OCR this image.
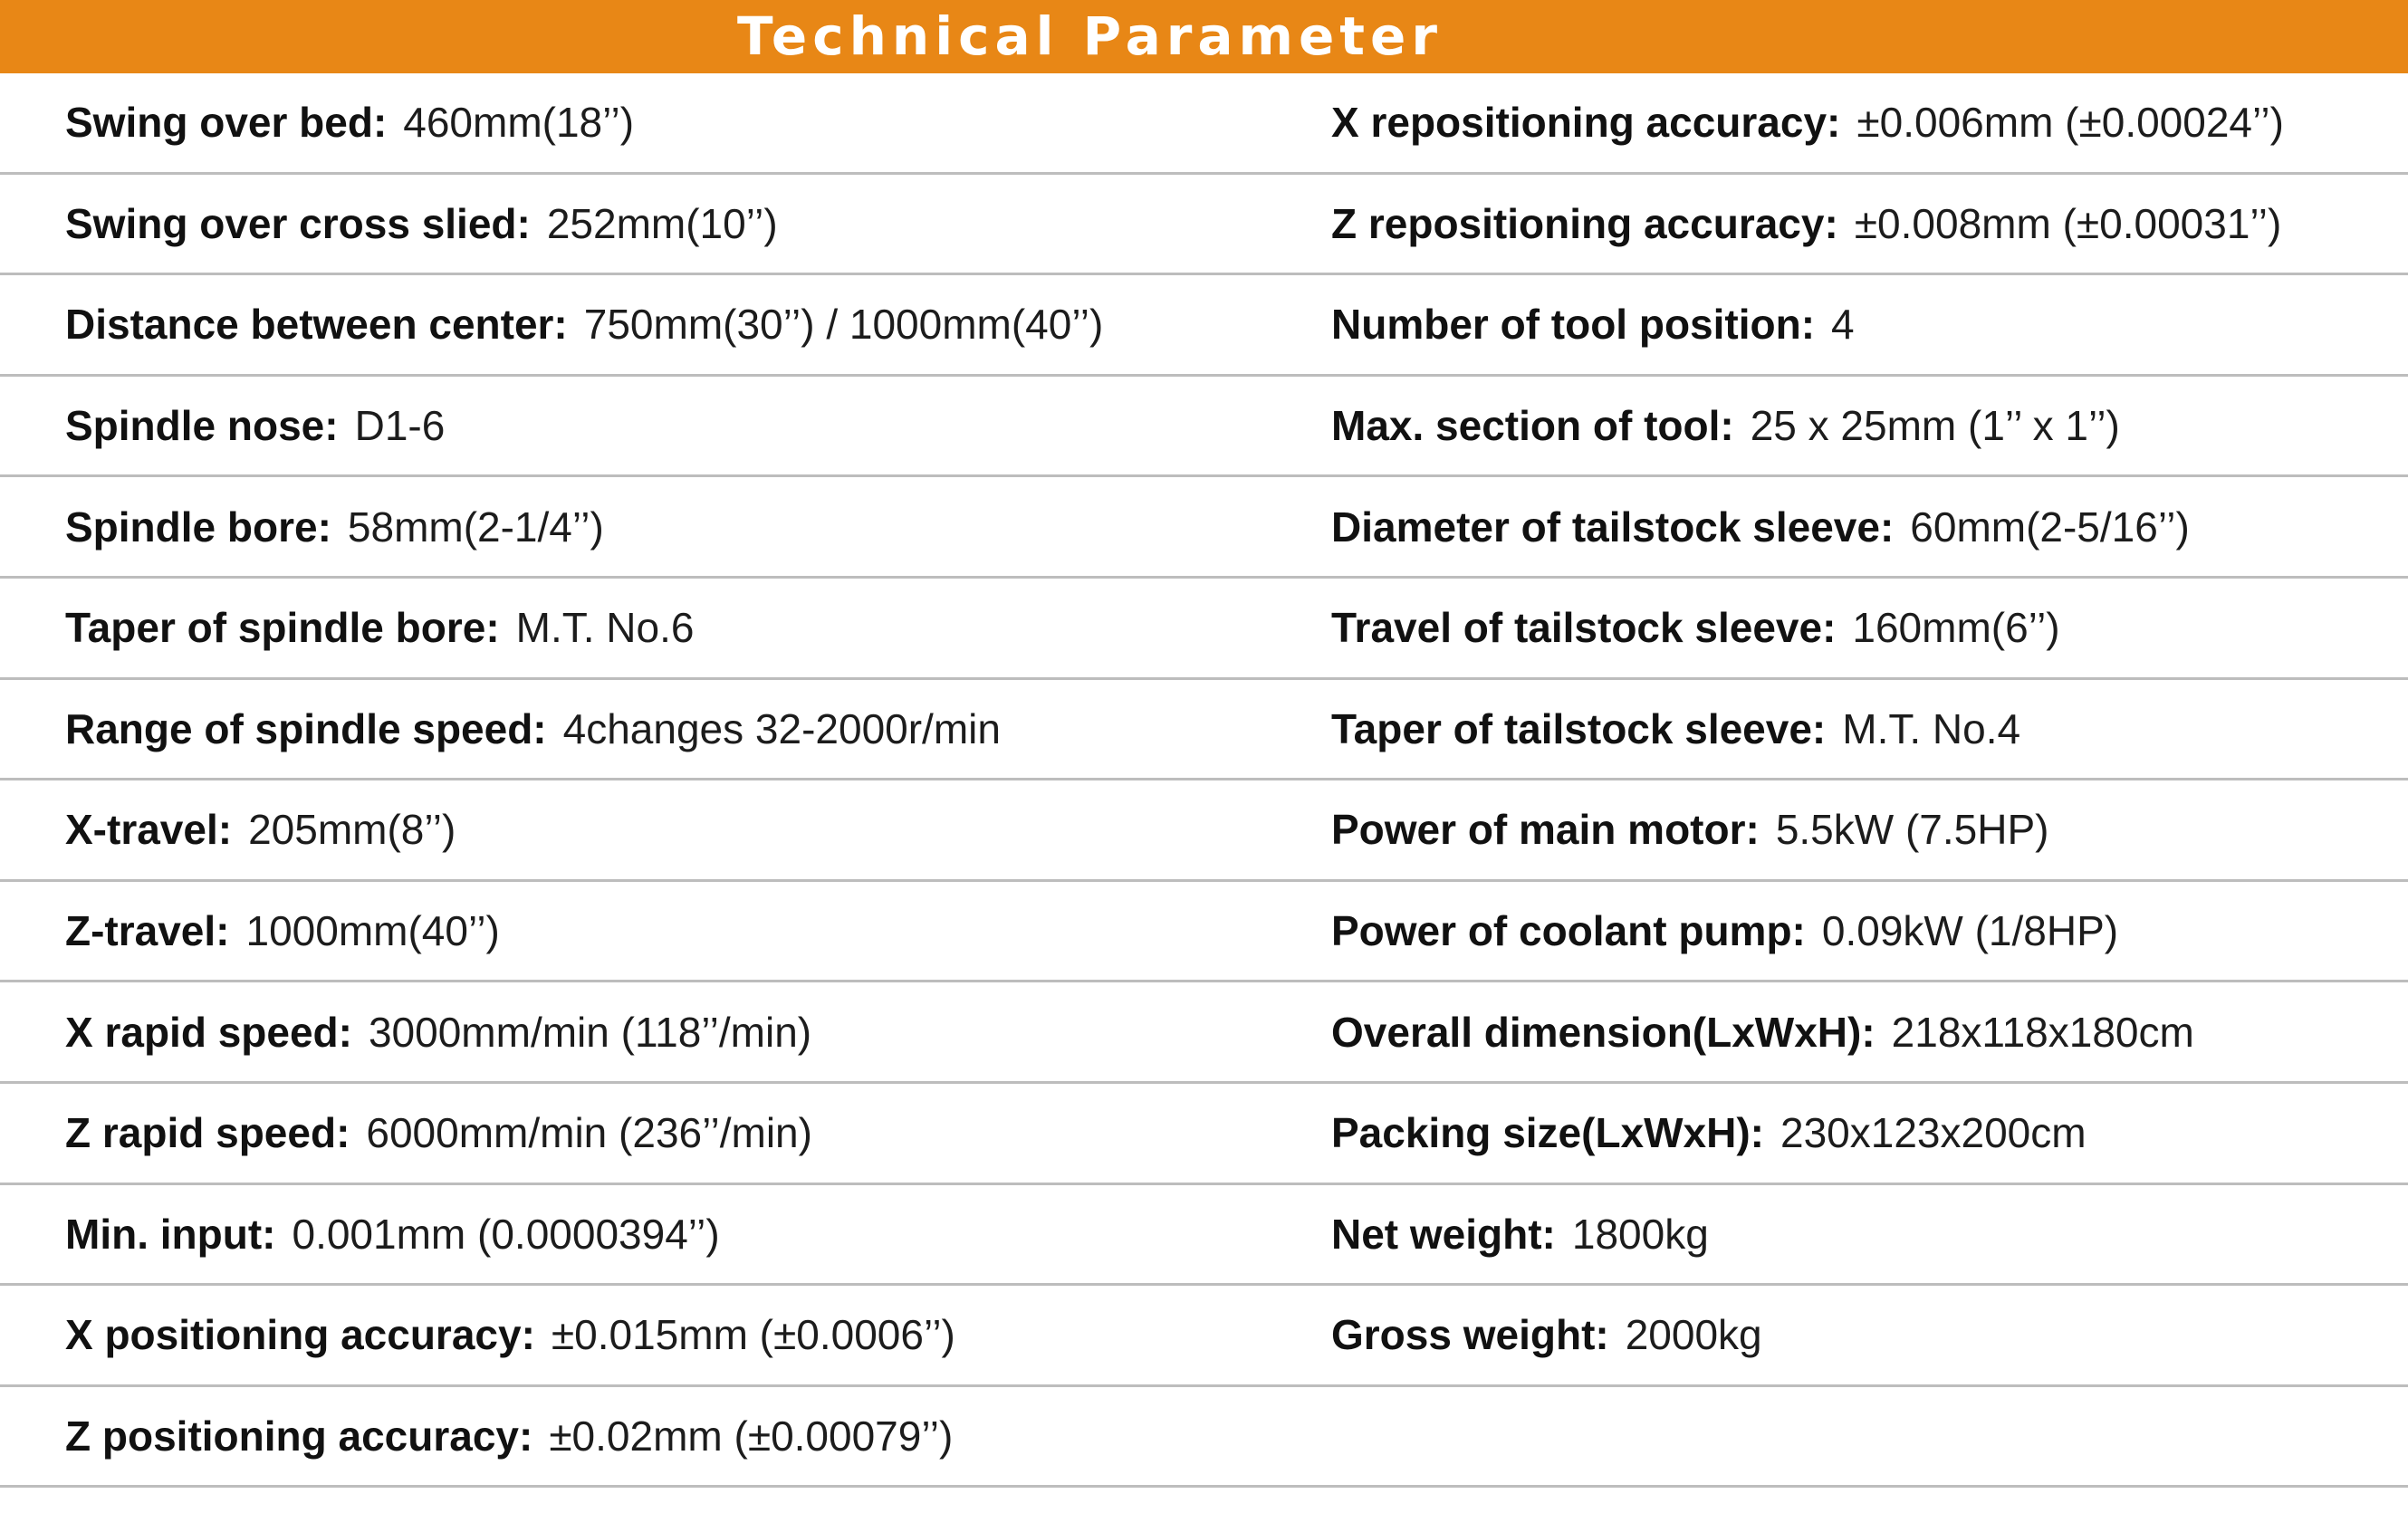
Technical Parameter
Swing over bed: 460mm(18’’)	X repositioning accuracy: ±0.006mm (±0.00024’’)
Swing over cross slied: 252mm(10’’)	Z repositioning accuracy: ±0.008mm (±0.00031’’)
Distance between center: 750mm(30’’) / 1000mm(40’’)	Number of tool position: 4
Spindle nose: D1-6	Max. section of tool: 25 x 25mm (1’’ x 1’’)
Spindle bore: 58mm(2-1/4’’)	Diameter of tailstock sleeve: 60mm(2-5/16’’)
Taper of spindle bore: M.T. No.6	Travel of tailstock sleeve: 160mm(6’’)
Range of spindle speed: 4changes 32-2000r/min	Taper of tailstock sleeve: M.T. No.4
X-travel: 205mm(8’’)	Power of main motor: 5.5kW (7.5HP)
Z-travel: 1000mm(40’’)	Power of coolant pump: 0.09kW (1/8HP)
X rapid speed: 3000mm/min (118’’/min)	Overall dimension(LxWxH): 218x118x180cm
Z rapid speed: 6000mm/min (236’’/min)	Packing size(LxWxH): 230x123x200cm
Min. input: 0.001mm (0.0000394’’)	Net weight: 1800kg
X positioning accuracy: ±0.015mm (±0.0006’’)	Gross weight: 2000kg
Z positioning accuracy: ±0.02mm (±0.00079’’)
